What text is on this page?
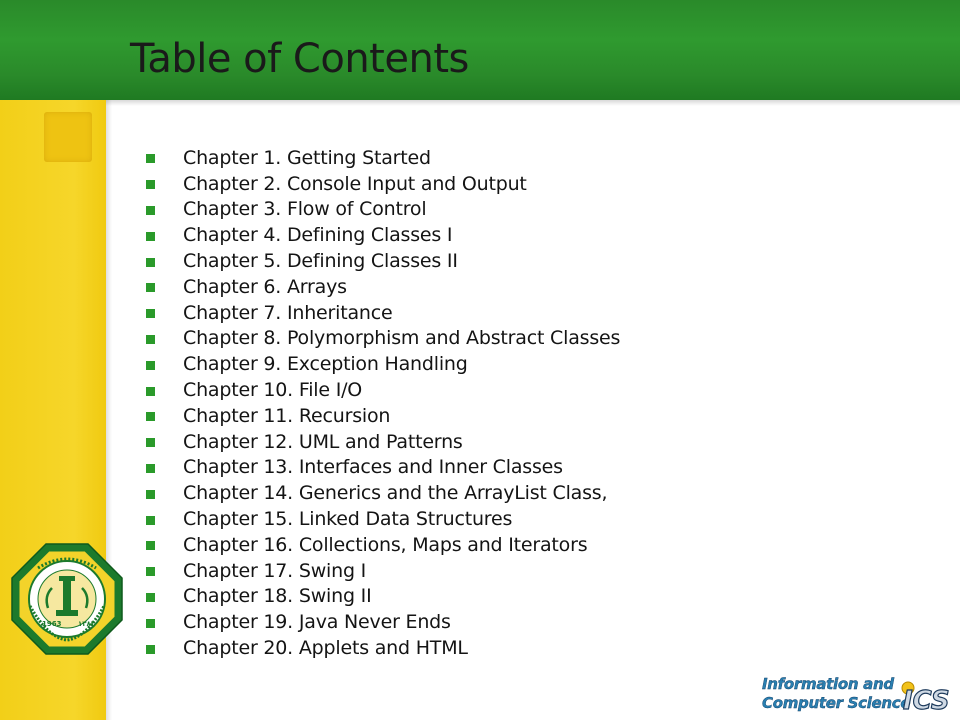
Table of Contents
Chapter 1. Getting Started
Chapter 2. Console Input and Output
Chapter 3. Flow of Control
Chapter 4. Defining Classes I
Chapter 5. Defining Classes II
Chapter 6. Arrays
Chapter 7. Inheritance
Chapter 8. Polymorphism and Abstract Classes
Chapter 9. Exception Handling
Chapter 10. File I/O
Chapter 11. Recursion
Chapter 12. UML and Patterns
Chapter 13. Interfaces and Inner Classes
Chapter 14. Generics and the ArrayList Class,
Chapter 15. Linked Data Structures
Chapter 16. Collections, Maps and Iterators
Chapter 17. Swing I
Chapter 18. Swing II
Chapter 19. Java Never Ends
Chapter 20. Applets and HTML
1963 ١٣٨٣
Information and
Computer Science
ICS
